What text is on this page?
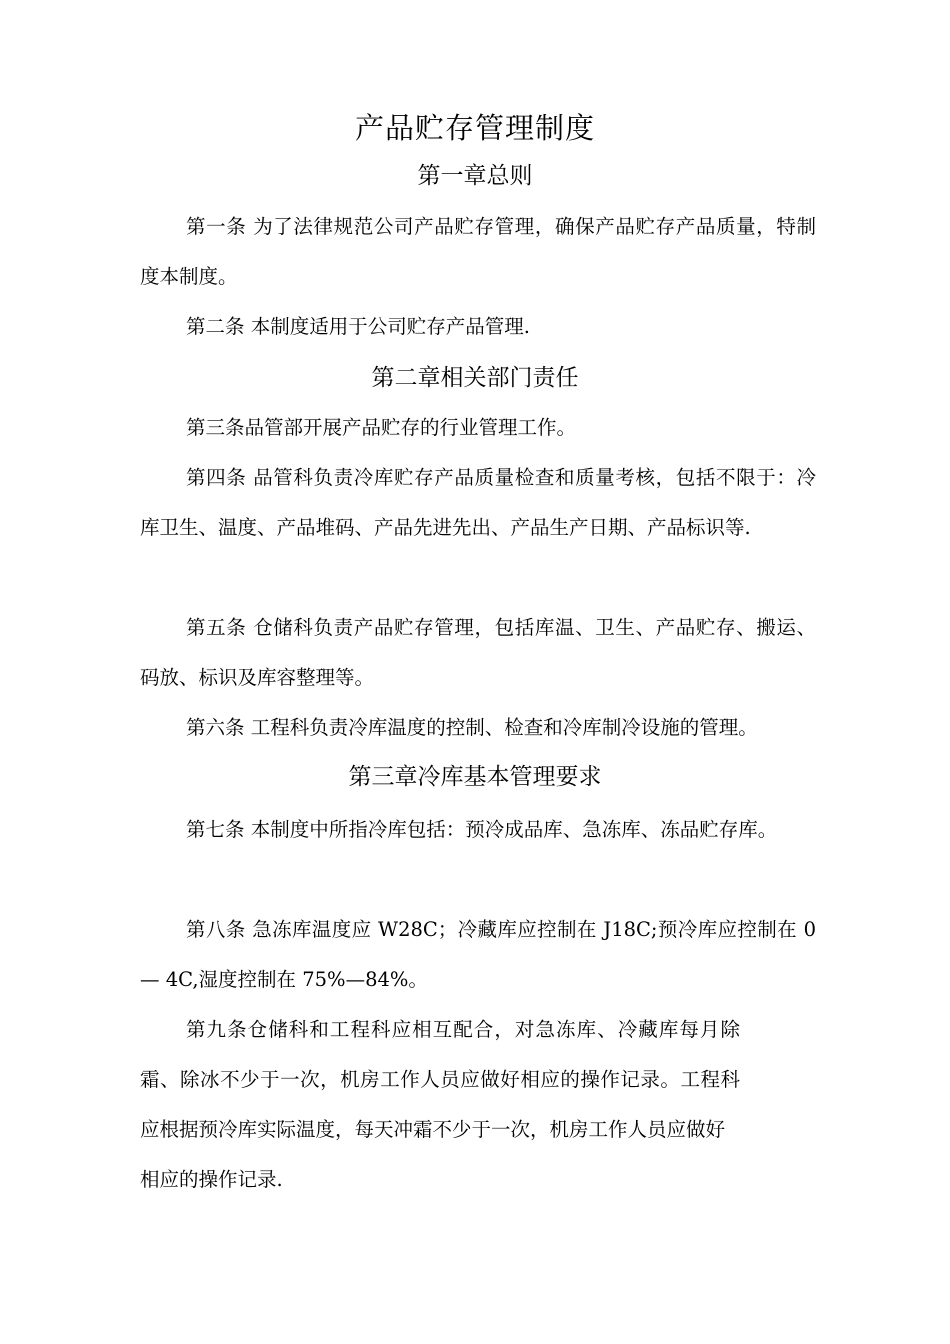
产品贮存管理制度
第一章总则

第一条 为了法律规范公司产品贮存管理，确保产品贮存产品质量，特制度本制度。

第二条 本制度适用于公司贮存产品管理.

第二章相关部门责任

第三条品管部开展产品贮存的行业管理工作。

第四条 品管科负责冷库贮存产品质量检查和质量考核，包括不限于：冷库卫生、温度、产品堆码、产品先进先出、产品生产日期、产品标识等.

第五条 仓储科负责产品贮存管理，包括库温、卫生、产品贮存、搬运、码放、标识及库容整理等。

第六条 工程科负责冷库温度的控制、检查和冷库制冷设施的管理。

第三章冷库基本管理要求

第七条 本制度中所指冷库包括：预冷成品库、急冻库、冻品贮存库。

第八条 急冻库温度应 W28C；冷藏库应控制在 J18C;预冷库应控制在 0 — 4C,湿度控制在 75%—84%。

第九条仓储科和工程科应相互配合，对急冻库、冷藏库每月除霜、除冰不少于一次，机房工作人员应做好相应的操作记录。工程科应根据预冷库实际温度，每天冲霜不少于一次，机房工作人员应做好

相应的操作记录.
